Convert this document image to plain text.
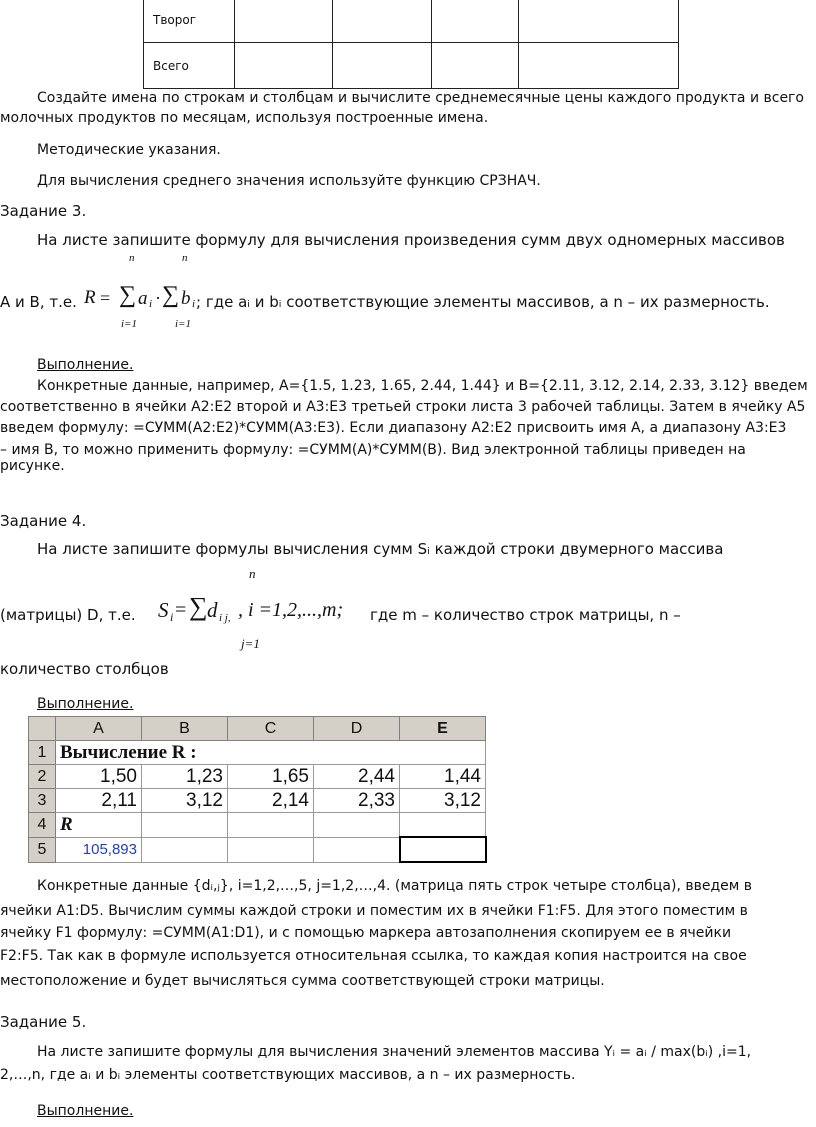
Творог				
Всего				
Создайте имена по строкам и столбцам и вычислите среднемесячные цены каждого продукта и всего
молочных продуктов по месяцам, используя построенные имена.
Методические указания.
Для вычисления среднего значения используйте функцию СРЗНАЧ.
Задание 3.
На листе запишите формулу для вычисления произведения сумм двух одномерных массивов
n	n
А и В, т.е. R = ∑ a i · ∑ b i ; где aᵢ и bᵢ соответствующие элементы массивов, а n – их размерность.
i=1	i=1
Выполнение.
Конкретные данные, например, A={1.5, 1.23, 1.65, 2.44, 1.44} и B={2.11, 3.12, 2.14, 2.33, 3.12} введем
соответственно в ячейки A2:E2 второй и A3:E3 третьей строки листа 3 рабочей таблицы. Затем в ячейку A5
введем формулу: =СУММ(A2:E2)*СУММ(A3:E3). Если диапазону A2:E2 присвоить имя А, а диапазону A3:E3
– имя В, то можно применить формулу: =СУММ(А)*СУММ(В). Вид электронной таблицы приведен на
рисунке.
Задание 4.
На листе запишите формулы вычисления сумм Sᵢ каждой строки двумерного массива
n
(матрицы) D, т.е. S i = ∑ d i j, , i =1,2,...,m; где m – количество строк матрицы, n –
j=1
количество столбцов
Выполнение.
	A	B	C	D	E
1	Вычисление R :				
2	1,50	1,23	1,65	2,44	1,44
3	2,11	3,12	2,14	2,33	3,12
4	R				
5	105,893				
Конкретные данные {dᵢ,ⱼ}, i=1,2,…,5, j=1,2,…,4. (матрица пять строк четыре столбца), введем в
ячейки A1:D5. Вычислим суммы каждой строки и поместим их в ячейки F1:F5. Для этого поместим в
ячейку F1 формулу: =СУММ(A1:D1), и с помощью маркера автозаполнения скопируем ее в ячейки
F2:F5. Так как в формуле используется относительная ссылка, то каждая копия настроится на свое
местоположение и будет вычисляться сумма соответствующей строки матрицы.
Задание 5.
На листе запишите формулы для вычисления значений элементов массива Yᵢ = aᵢ / max(bᵢ) ,i=1,
2,…,n, где aᵢ и bᵢ элементы соответствующих массивов, а n – их размерность.
Выполнение.
